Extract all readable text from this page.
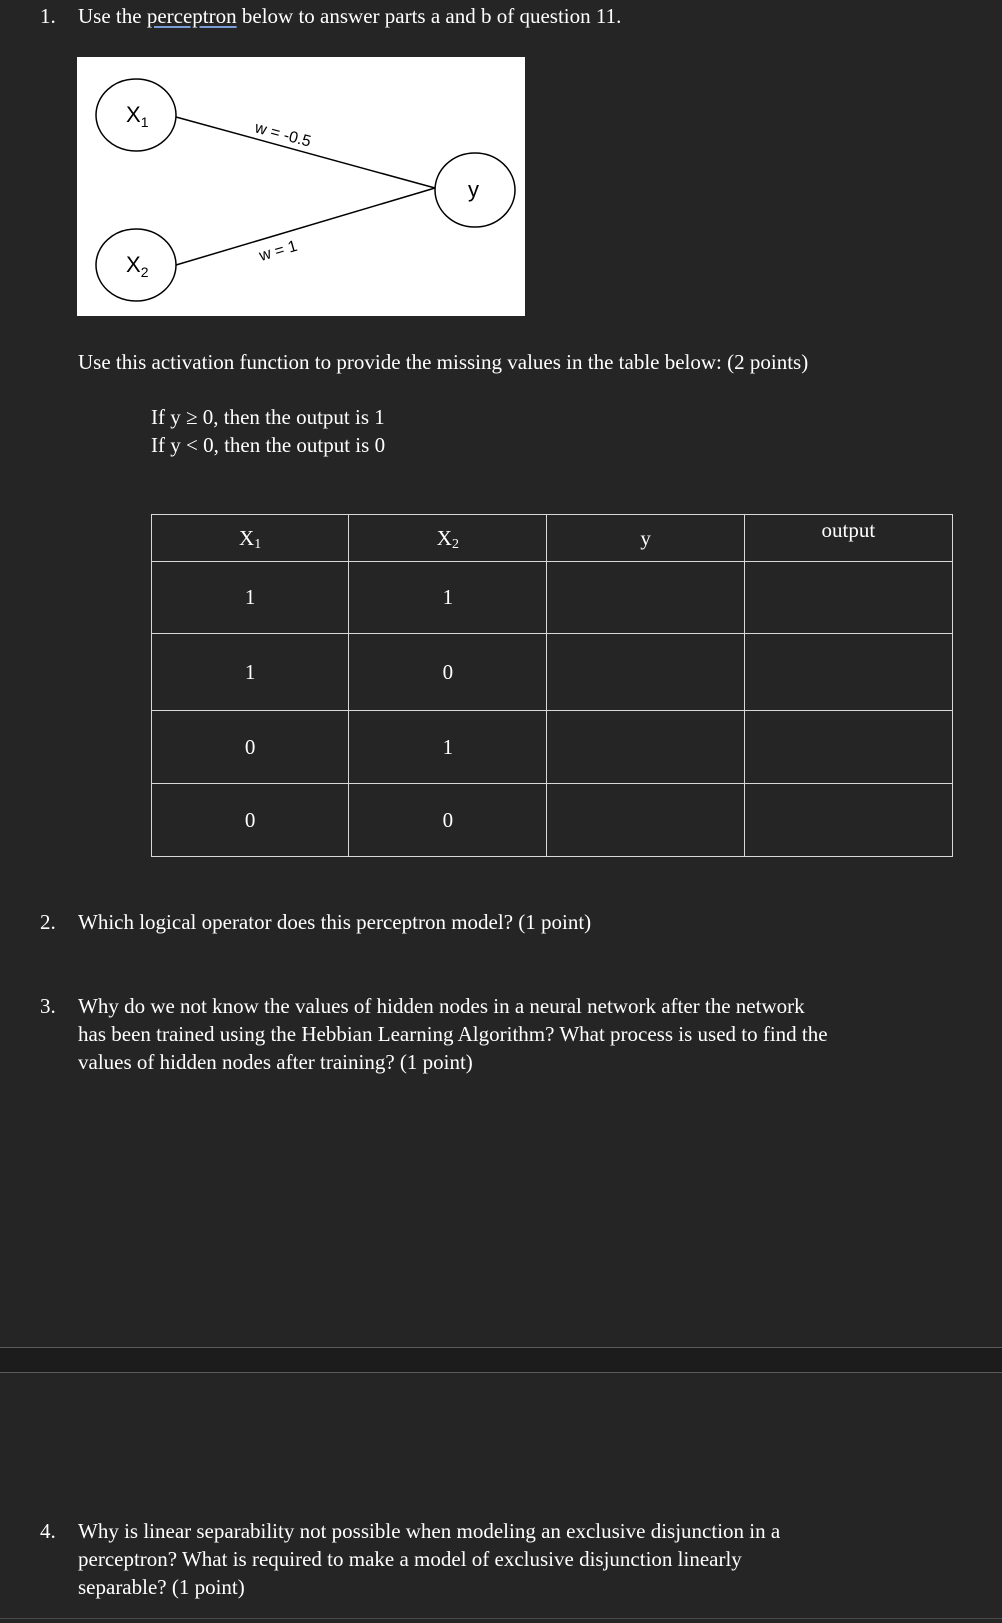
1. Use the perceptron below to answer parts a and b of question 11.
$X_1$
$X_2$
y
w = -0.5
w = 1
Use this activation function to provide the missing values in the table below: (2 points)
If y ≥ 0, then the output is 1
If y < 0, then the output is 0
X1	X2	y	output
1	1		
1	0		
0	1		
0	0		
2. Which logical operator does this perceptron model? (1 point)
3. Why do we not know the values of hidden nodes in a neural network after the network
has been trained using the Hebbian Learning Algorithm? What process is used to find the
values of hidden nodes after training? (1 point)
4. Why is linear separability not possible when modeling an exclusive disjunction in a
perceptron? What is required to make a model of exclusive disjunction linearly
separable? (1 point)
